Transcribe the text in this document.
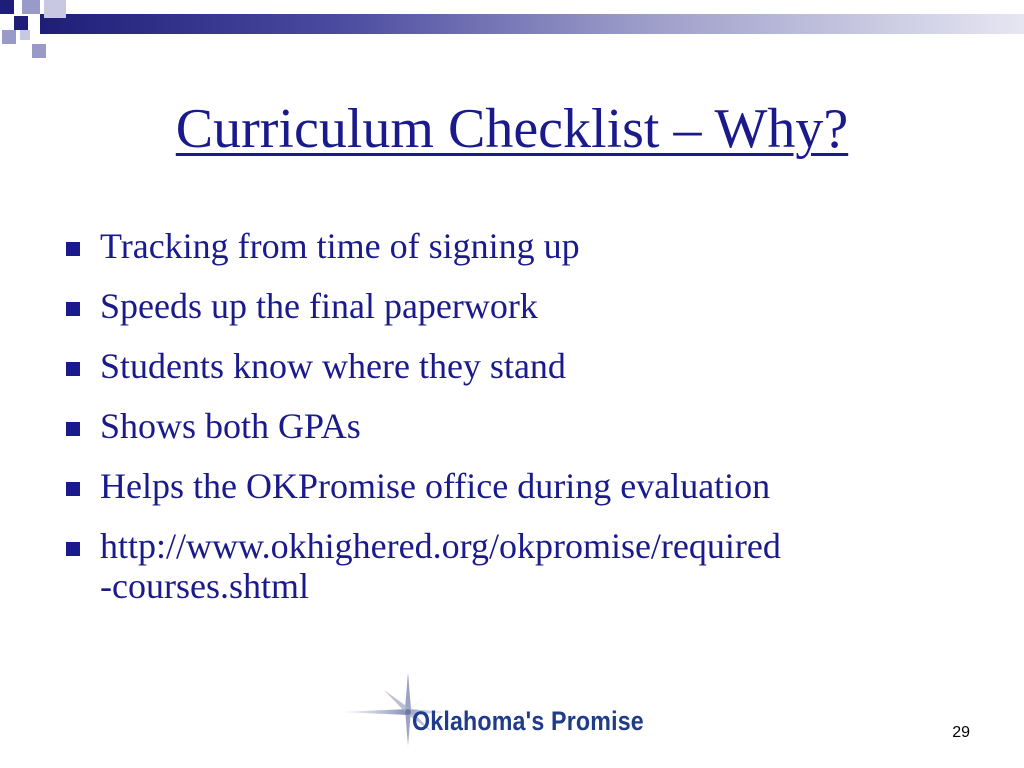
Curriculum Checklist – Why?
Tracking from time of signing up
Speeds up the final paperwork
Students know where they stand
Shows both GPAs
Helps the OKPromise office during evaluation
http://www.okhighered.org/okpromise/required
-courses.shtml
Oklahoma's Promise	29
